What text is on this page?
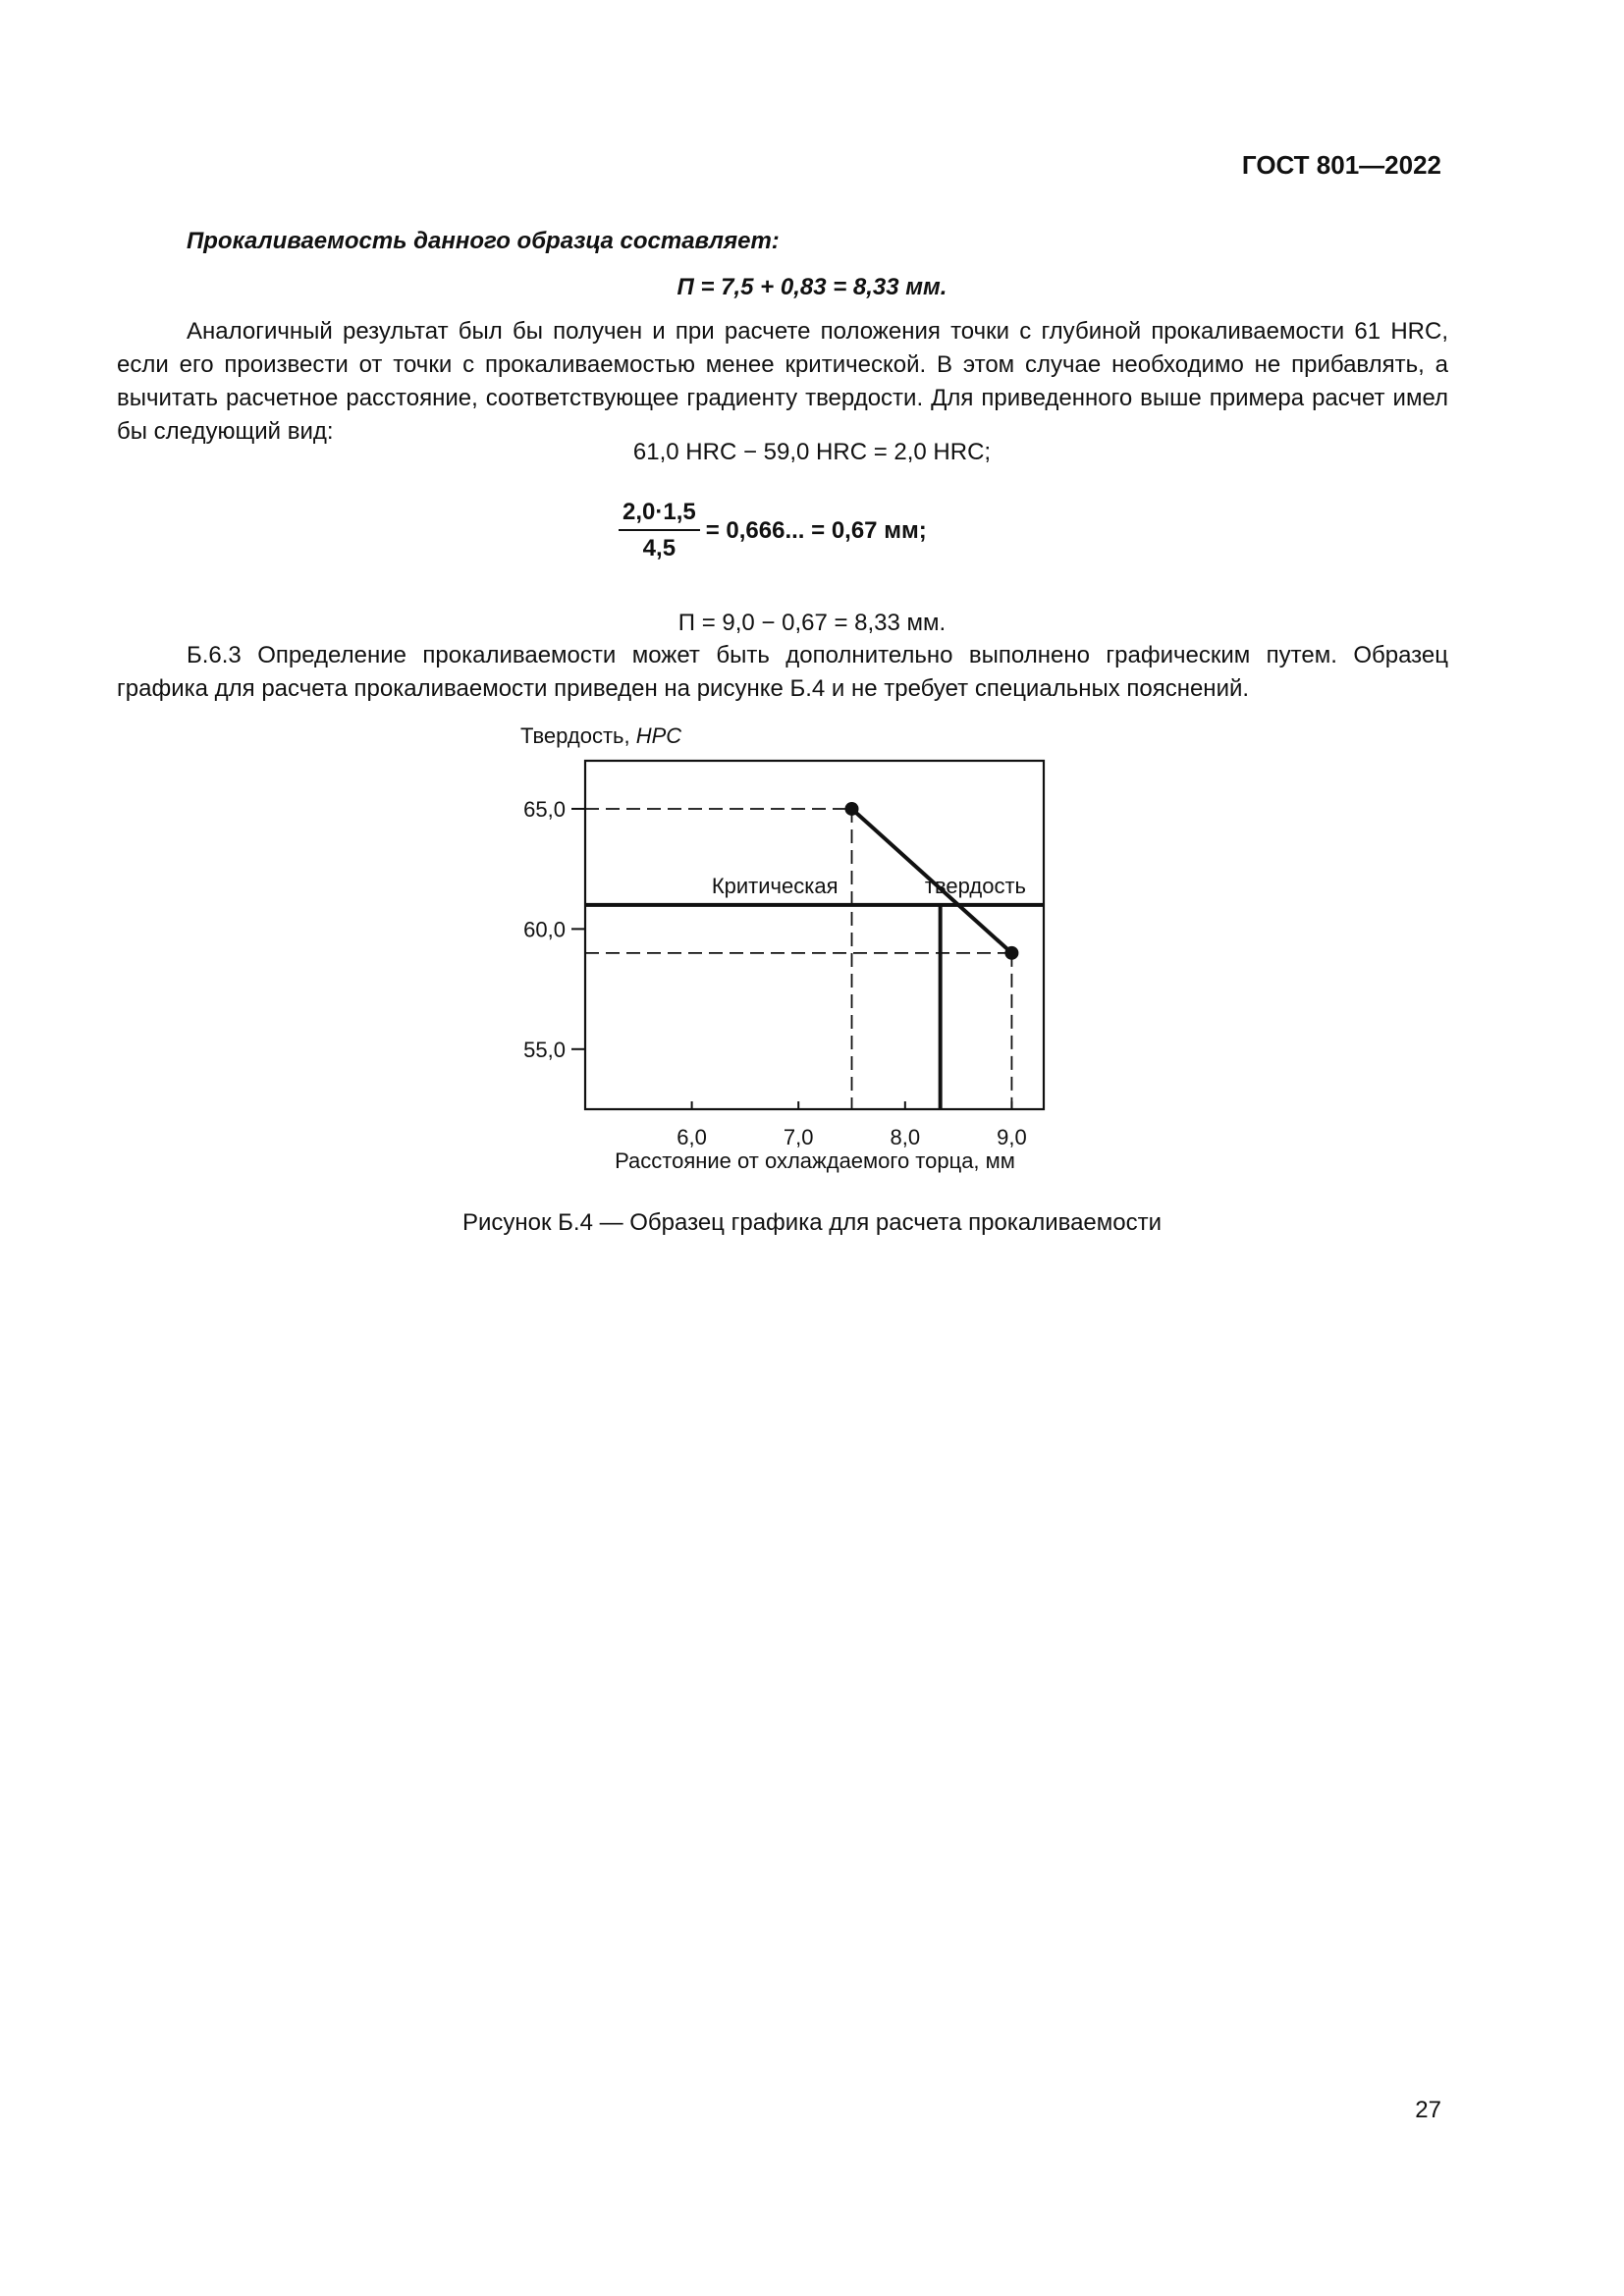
ГОСТ 801—2022
Прокаливаемость данного образца составляет:
П = 7,5 + 0,83 = 8,33 мм.
Аналогичный результат был бы получен и при расчете положения точки с глубиной прокаливаемости 61 HRC, если его произвести от точки с прокаливаемостью менее критической. В этом случае необходимо не прибавлять, а вычитать расчетное расстояние, соответствующее градиенту твердости. Для приведенного выше примера расчет имел бы следующий вид:
61,0 HRC − 59,0 HRC = 2,0 HRC;
$\frac{2,0\cdot 1,5}{4,5} = 0,666$... = 0,67 мм;
П = 9,0 − 0,67 = 8,33 мм.
Б.6.3 Определение прокаливаемости может быть дополнительно выполнено графическим путем. Образец графика для расчета прокаливаемости приведен на рисунке Б.4 и не требует специальных пояснений.
Твердость, НРС
55,0
60,0
65,0
6,0	7,0	8,0	9,0
Критическая	твердость
Расстояние от охлаждаемого торца, мм
Рисунок Б.4 — Образец графика для расчета прокаливаемости
27
